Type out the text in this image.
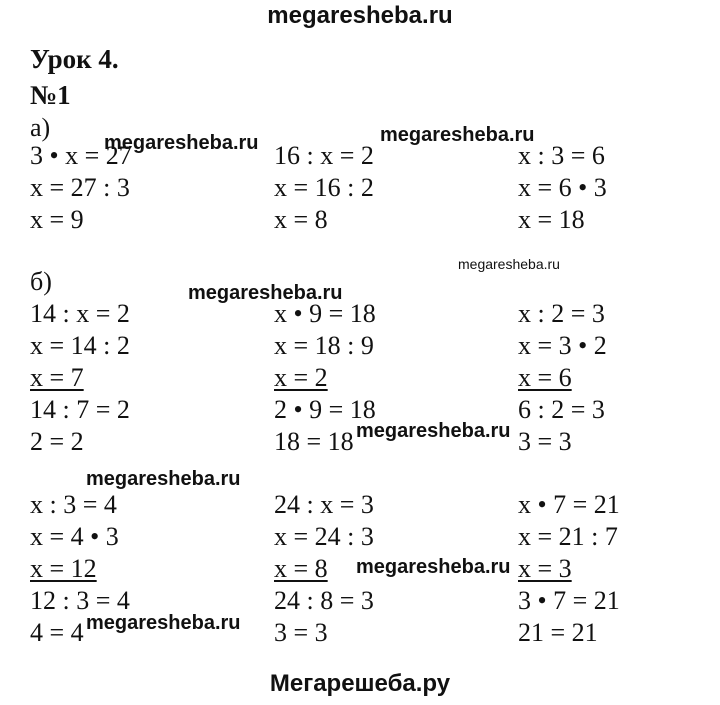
megaresheba.ru
Урок 4.
№1
а)
3 • x = 27
x = 27 : 3
x = 9
16 : x = 2
x = 16 : 2
x = 8
x : 3 = 6
x = 6 • 3
x = 18
б)
14 : x = 2
x = 14 : 2
x = 7
14 : 7 = 2
2 = 2
x • 9 = 18
x = 18 : 9
x = 2
2 • 9 = 18
18 = 18
x : 2 = 3
x = 3 • 2
x = 6
6 : 2 = 3
3 = 3
x : 3 = 4
x = 4 • 3
x = 12
12 : 3 = 4
4 = 4
24 : x = 3
x = 24 : 3
x = 8
24 : 8 = 3
3 = 3
x • 7 = 21
x = 21 : 7
x = 3
3 • 7 = 21
21 = 21
megaresheba.ru	megaresheba.ru
megaresheba.ru
megaresheba.ru
megaresheba.ru
megaresheba.ru
megaresheba.ru
megaresheba.ru
Мегарешеба.ру
